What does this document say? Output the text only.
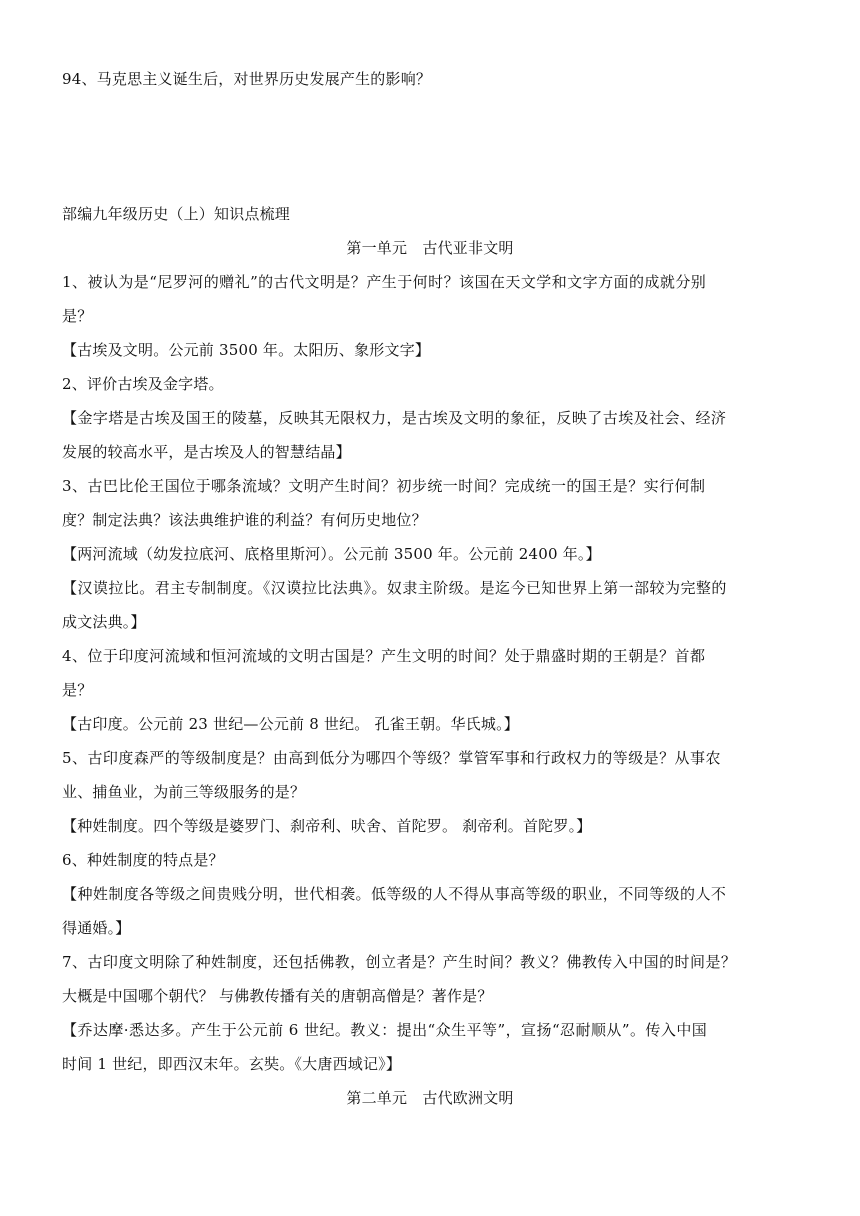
94、马克思主义诞生后，对世界历史发展产生的影响？
部编九年级历史（上）知识点梳理
第一单元　古代亚非文明
1、被认为是“尼罗河的赠礼”的古代文明是？产生于何时？该国在天文学和文字方面的成就分别
是？
【古埃及文明。公元前 3500 年。太阳历、象形文字】
2、评价古埃及金字塔。
【金字塔是古埃及国王的陵墓，反映其无限权力，是古埃及文明的象征，反映了古埃及社会、经济
发展的较高水平，是古埃及人的智慧结晶】
3、古巴比伦王国位于哪条流域？文明产生时间？初步统一时间？完成统一的国王是？实行何制
度？制定法典？该法典维护谁的利益？有何历史地位？
【两河流域（幼发拉底河、底格里斯河）。公元前 3500 年。公元前 2400 年。】
【汉谟拉比。君主专制制度。《汉谟拉比法典》。奴隶主阶级。是迄今已知世界上第一部较为完整的
成文法典。】
4、位于印度河流域和恒河流域的文明古国是？产生文明的时间？处于鼎盛时期的王朝是？首都
是？
【古印度。公元前 23 世纪—公元前 8 世纪。 孔雀王朝。华氏城。】
5、古印度森严的等级制度是？由高到低分为哪四个等级？掌管军事和行政权力的等级是？从事农
业、捕鱼业，为前三等级服务的是？
【种姓制度。四个等级是婆罗门、刹帝利、吠舍、首陀罗。 刹帝利。首陀罗。】
6、种姓制度的特点是？
【种姓制度各等级之间贵贱分明，世代相袭。低等级的人不得从事高等级的职业，不同等级的人不
得通婚。】
7、古印度文明除了种姓制度，还包括佛教，创立者是？产生时间？教义？佛教传入中国的时间是？
大概是中国哪个朝代？ 与佛教传播有关的唐朝高僧是？著作是？
【乔达摩·悉达多。产生于公元前 6 世纪。教义：提出“众生平等”，宣扬“忍耐顺从”。传入中国
时间 1 世纪，即西汉末年。玄奘。《大唐西域记》】
第二单元　古代欧洲文明
